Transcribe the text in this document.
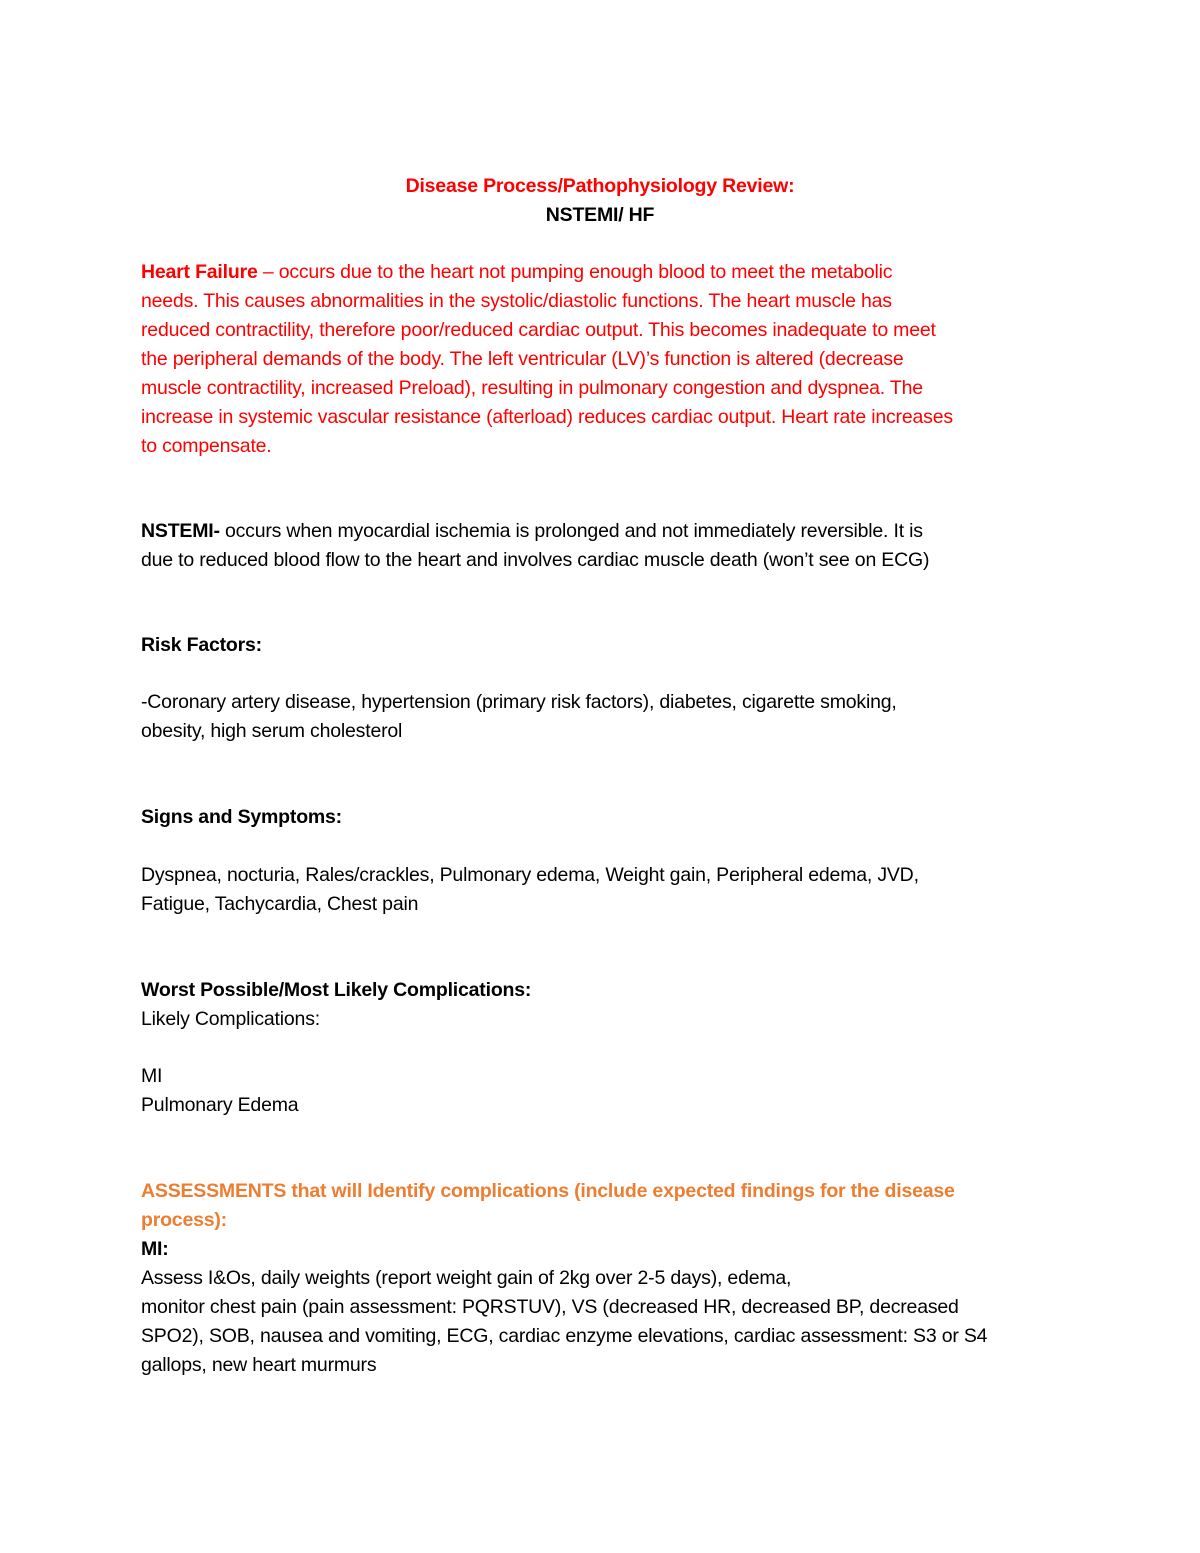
Disease Process/Pathophysiology Review:
NSTEMI/ HF
Heart Failure – occurs due to the heart not pumping enough blood to meet the metabolic
needs. This causes abnormalities in the systolic/diastolic functions. The heart muscle has
reduced contractility, therefore poor/reduced cardiac output. This becomes inadequate to meet
the peripheral demands of the body. The left ventricular (LV)’s function is altered (decrease
muscle contractility, increased Preload), resulting in pulmonary congestion and dyspnea. The
increase in systemic vascular resistance (afterload) reduces cardiac output. Heart rate increases
to compensate.
NSTEMI- occurs when myocardial ischemia is prolonged and not immediately reversible. It is
due to reduced blood flow to the heart and involves cardiac muscle death (won’t see on ECG)
Risk Factors:
-Coronary artery disease, hypertension (primary risk factors), diabetes, cigarette smoking,
obesity, high serum cholesterol
Signs and Symptoms:
Dyspnea, nocturia, Rales/crackles, Pulmonary edema, Weight gain, Peripheral edema, JVD,
Fatigue, Tachycardia, Chest pain
Worst Possible/Most Likely Complications:
Likely Complications:
MI
Pulmonary Edema
ASSESSMENTS that will Identify complications (include expected findings for the disease
process):
MI:
Assess I&Os, daily weights (report weight gain of 2kg over 2-5 days), edema,
monitor chest pain (pain assessment: PQRSTUV), VS (decreased HR, decreased BP, decreased
SPO2), SOB, nausea and vomiting, ECG, cardiac enzyme elevations, cardiac assessment: S3 or S4
gallops, new heart murmurs
